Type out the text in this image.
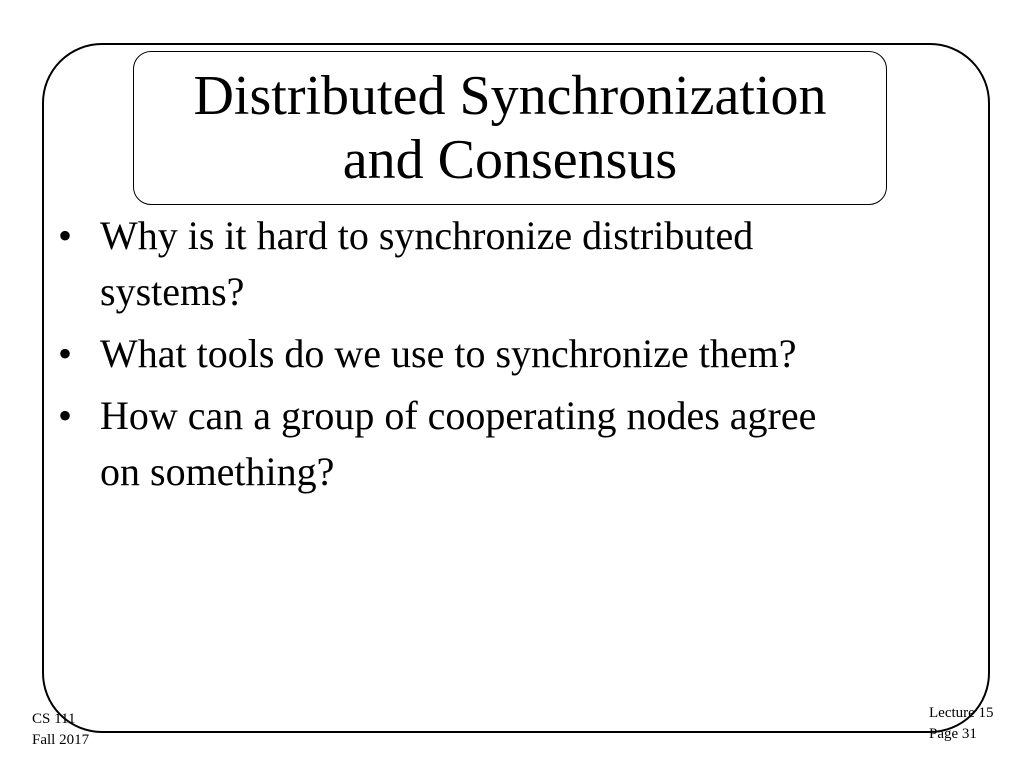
Distributed Synchronization
and Consensus
• Why is it hard to synchronize distributed
systems?
• What tools do we use to synchronize them?
• How can a group of cooperating nodes agree
on something?
CS 111
Fall 2017
Lecture 15
Page 31
